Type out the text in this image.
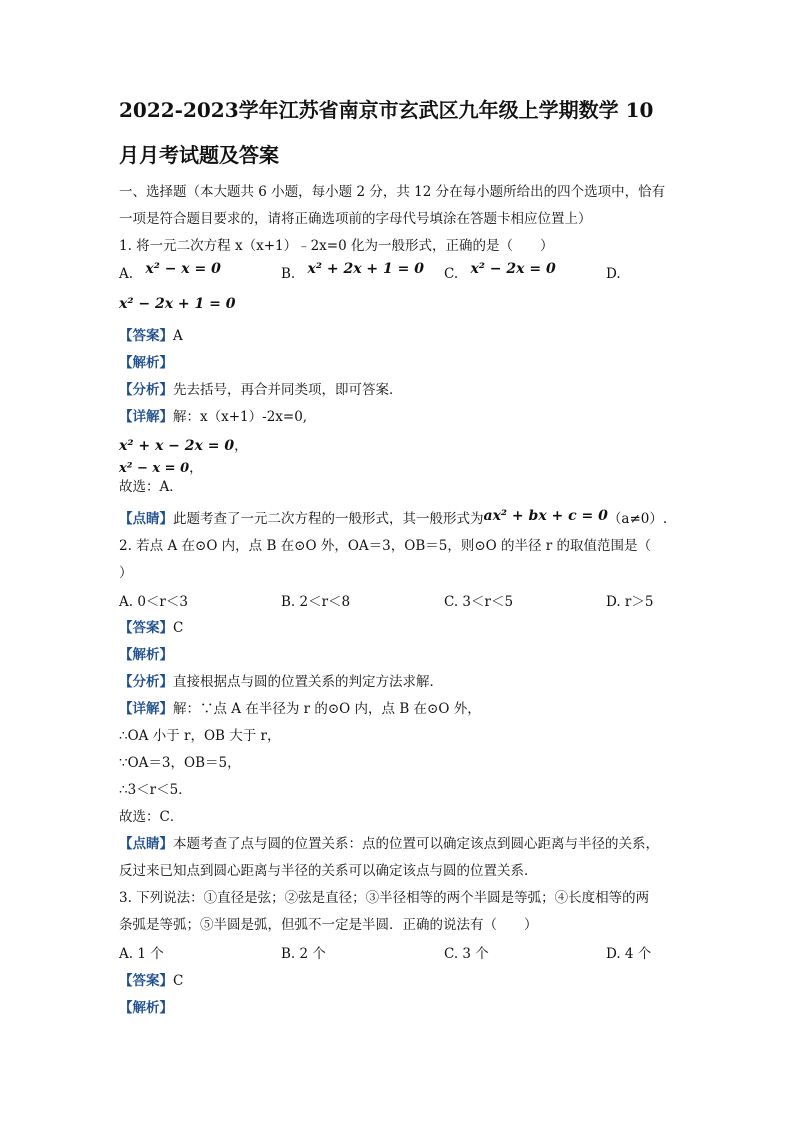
2022-2023学年江苏省南京市玄武区九年级上学期数学 10
月月考试题及答案
一、选择题（本大题共 6 小题，每小题 2 分，共 12 分在每小题所给出的四个选项中，恰有
一项是符合题目要求的，请将正确选项前的字母代号填涂在答题卡相应位置上）
1. 将一元二次方程 x（x+1）﹣2x=0 化为一般形式，正确的是（　　）
A. x² − x = 0	B. x² + 2x + 1 = 0 C. x² − 2x = 0	D.
x² − 2x + 1 = 0
【答案】A
【解析】
【分析】先去括号，再合并同类项，即可答案．
【详解】解：x（x+1）-2x=0,
x² + x − 2x = 0，
x² − x = 0，
故选：A．
【点睛】此题考查了一元二次方程的一般形式，其一般形式为ax² + bx + c = 0（a≠0）.
2. 若点 A 在⊙O 内，点 B 在⊙O 外，OA＝3，OB＝5，则⊙O 的半径 r 的取值范围是（
）
A. 0＜r＜3	B. 2＜r＜8	C. 3＜r＜5	D. r＞5
【答案】C
【解析】
【分析】直接根据点与圆的位置关系的判定方法求解．
【详解】解：∵点 A 在半径为 r 的⊙O 内，点 B 在⊙O 外，
∴OA 小于 r，OB 大于 r，
∵OA＝3，OB＝5，
∴3＜r＜5．
故选：C．
【点睛】本题考查了点与圆的位置关系：点的位置可以确定该点到圆心距离与半径的关系，
反过来已知点到圆心距离与半径的关系可以确定该点与圆的位置关系．
3. 下列说法：①直径是弦；②弦是直径；③半径相等的两个半圆是等弧；④长度相等的两
条弧是等弧；⑤半圆是弧，但弧不一定是半圆．正确的说法有（　　）
A. 1 个	B. 2 个	C. 3 个	D. 4 个
【答案】C
【解析】
